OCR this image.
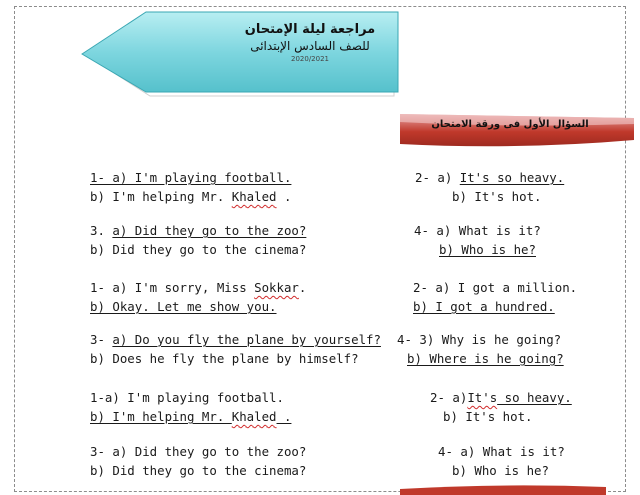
مراجعة ليلة الإمتحان
للصف السادس الإبتدائى
2020/2021
السؤال الأول فى ورقة الامتحان
1- a) I'm playing football.	2- a) It's so heavy.
b) I'm helping Mr. Khaled .	b) It's hot.
3. a) Did they go to the zoo?	4- a) What is it?
b) Did they go to the cinema?	b) Who is he?
1- a) I'm sorry, Miss Sokkar.	2- a) I got a million.
b) Okay. Let me show you.	b) I got a hundred.
3- a) Do you fly the plane by yourself? 4- 3) Why is he going?
b) Does he fly the plane by himself?	b) Where is he going?
1-a) I'm playing football.	2- a)It's so heavy.
b) I'm helping Mr. Khaled .	b) It's hot.
3- a) Did they go to the zoo?	4- a) What is it?
b) Did they go to the cinema?	b) Who is he?
